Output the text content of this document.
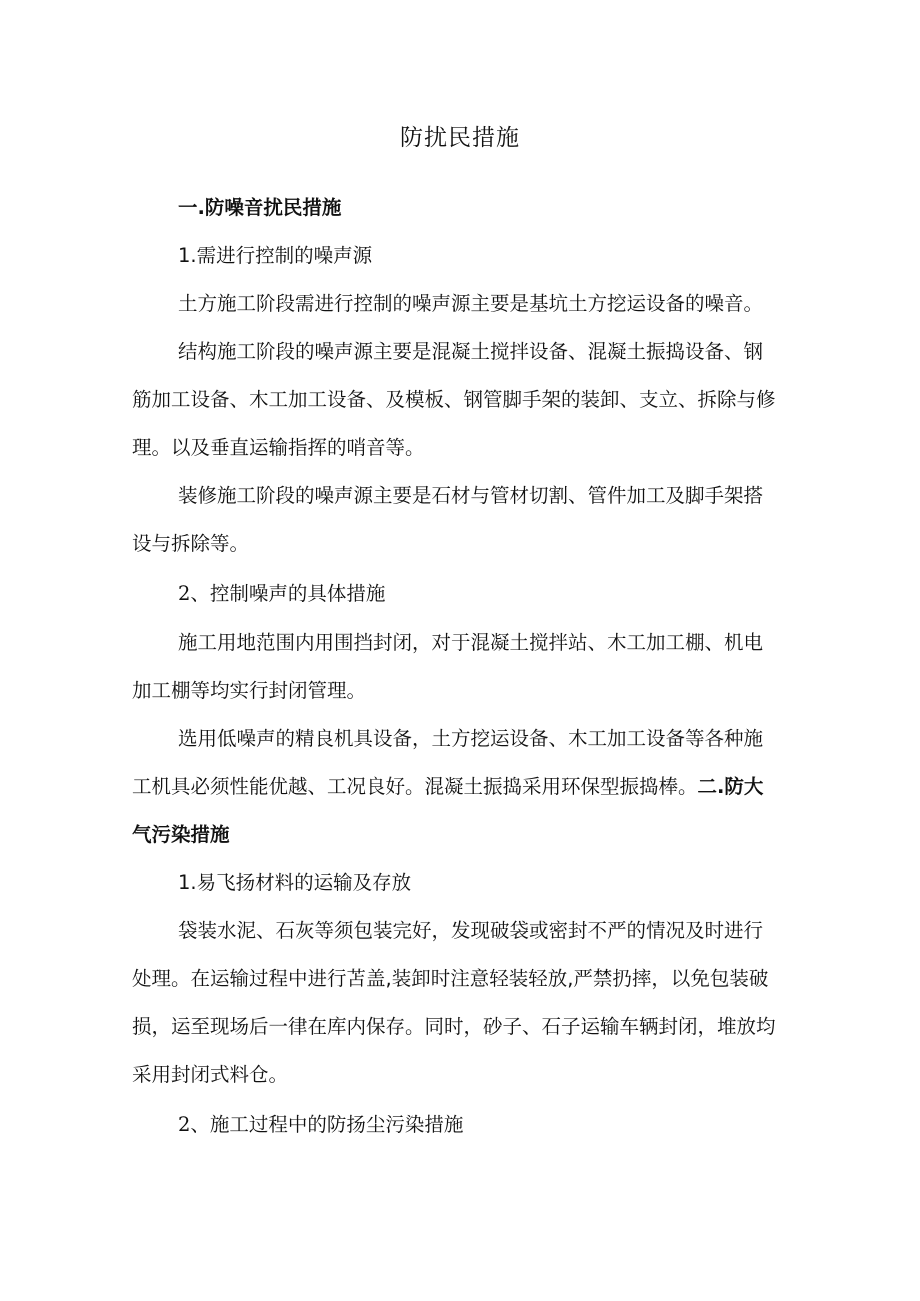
防扰民措施

一.防噪音扰民措施

1.需进行控制的噪声源

土方施工阶段需进行控制的噪声源主要是基坑土方挖运设备的噪音。

结构施工阶段的噪声源主要是混凝土搅拌设备、混凝土振捣设备、钢

筋加工设备、木工加工设备、及模板、钢管脚手架的装卸、支立、拆除与修

理。以及垂直运输指挥的哨音等。

装修施工阶段的噪声源主要是石材与管材切割、管件加工及脚手架搭

设与拆除等。

2、控制噪声的具体措施

施工用地范围内用围挡封闭，对于混凝土搅拌站、木工加工棚、机电

加工棚等均实行封闭管理。

选用低噪声的精良机具设备，土方挖运设备、木工加工设备等各种施

工机具必须性能优越、工况良好。混凝土振捣采用环保型振捣棒。二.防大

气污染措施

1.易飞扬材料的运输及存放

袋装水泥、石灰等须包装完好，发现破袋或密封不严的情况及时进行

处理。在运输过程中进行苫盖,装卸时注意轻装轻放,严禁扔摔，以免包装破

损，运至现场后一律在库内保存。同时，砂子、石子运输车辆封闭，堆放均

采用封闭式料仓。

2、施工过程中的防扬尘污染措施
